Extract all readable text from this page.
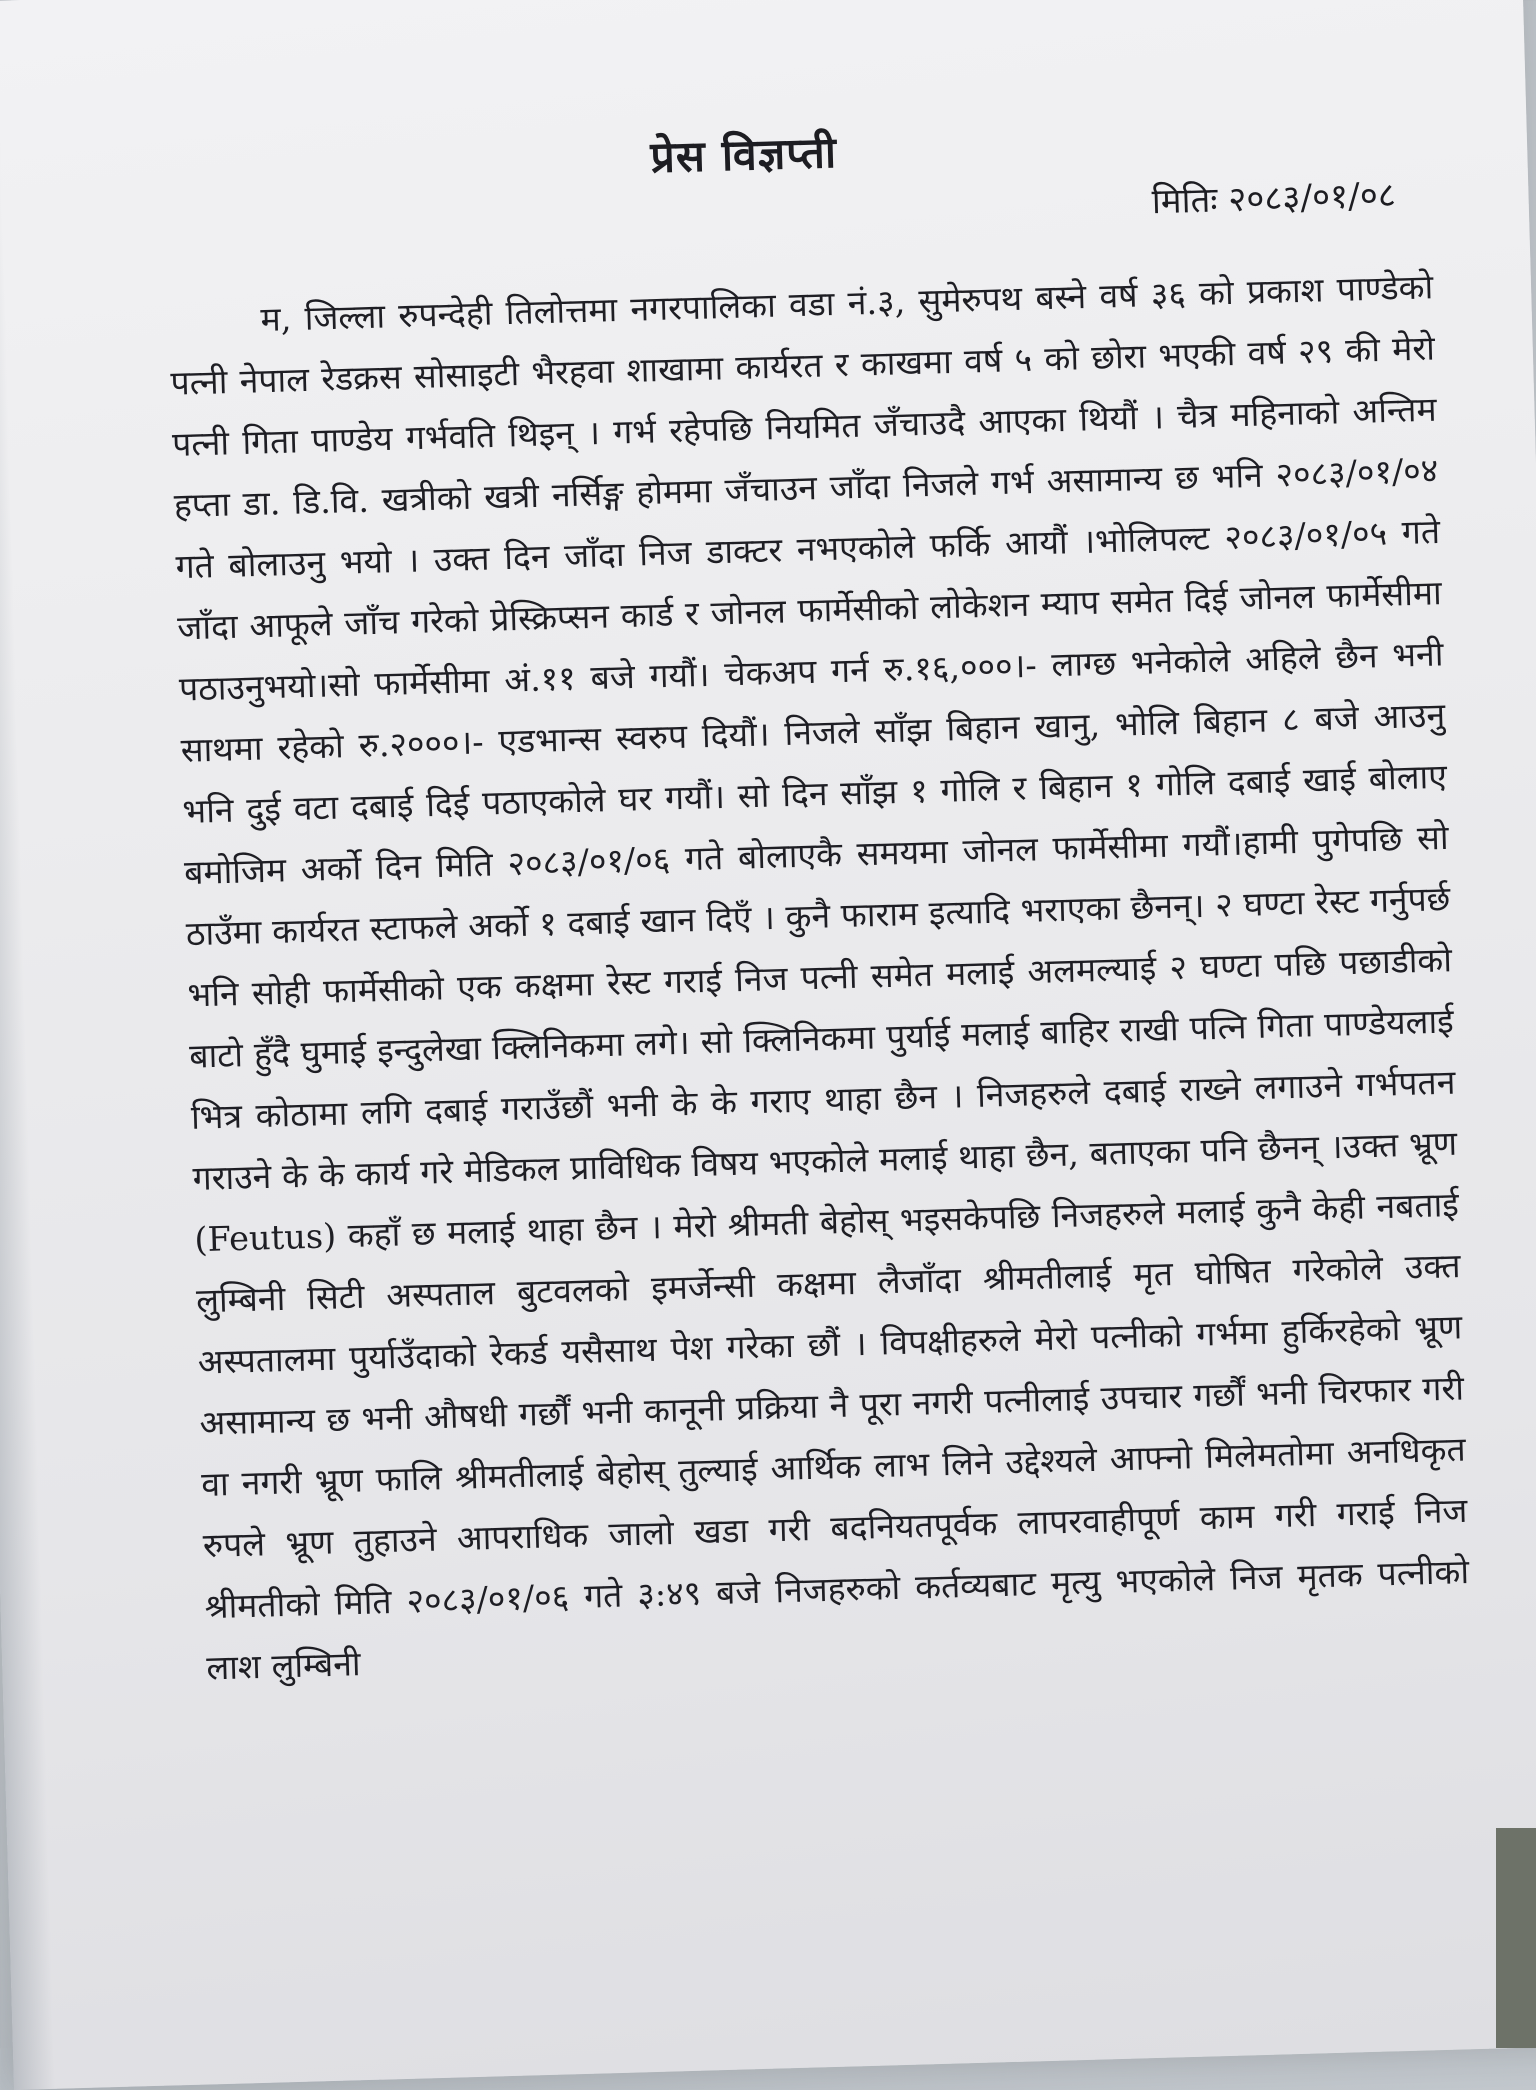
प्रेस विज्ञप्ती
मितिः २०८३/०१/०८

म, जिल्ला रुपन्देही तिलोत्तमा नगरपालिका वडा नं.३, सुमेरुपथ बस्ने वर्ष ३६ को प्रकाश पाण्डेको पत्नी नेपाल रेडक्रस सोसाइटी भैरहवा शाखामा कार्यरत र काखमा वर्ष ५ को छोरा भएकी वर्ष २९ की मेरो पत्नी गिता पाण्डेय गर्भवति थिइन् । गर्भ रहेपछि नियमित जँचाउदै आएका थियौं । चैत्र महिनाको अन्तिम हप्ता डा. डि.वि. खत्रीको खत्री नर्सिङ्ग होममा जँचाउन जाँदा निजले गर्भ असामान्य छ भनि २०८३/०१/०४ गते बोलाउनु भयो । उक्त दिन जाँदा निज डाक्टर नभएकोले फर्कि आयौं ।भोलिपल्ट २०८३/०१/०५ गते जाँदा आफूले जाँच गरेको प्रेस्क्रिप्सन कार्ड र जोनल फार्मेसीको लोकेशन म्याप समेत दिई जोनल फार्मेसीमा पठाउनुभयो।सो फार्मेसीमा अं.११ बजे गयौं। चेकअप गर्न रु.१६,०००।- लाग्छ भनेकोले अहिले छैन भनी साथमा रहेको रु.२०००।- एडभान्स स्वरुप दियौं। निजले साँझ बिहान खानु, भोलि बिहान ८ बजे आउनु भनि दुई वटा दबाई दिई पठाएकोले घर गयौं। सो दिन साँझ १ गोलि र बिहान १ गोलि दबाई खाई बोलाए बमोजिम अर्को दिन मिति २०८३/०१/०६ गते बोलाएकै समयमा जोनल फार्मेसीमा गयौं।हामी पुगेपछि सो ठाउँमा कार्यरत स्टाफले अर्को १ दबाई खान दिएँ । कुनै फाराम इत्यादि भराएका छैनन्। २ घण्टा रेस्ट गर्नुपर्छ भनि सोही फार्मेसीको एक कक्षमा रेस्ट गराई निज पत्नी समेत मलाई अलमल्याई २ घण्टा पछि पछाडीको बाटो हुँदै घुमाई इन्दुलेखा क्लिनिकमा लगे। सो क्लिनिकमा पुर्याई मलाई बाहिर राखी पत्नि गिता पाण्डेयलाई भित्र कोठामा लगि दबाई गराउँछौं भनी के के गराए थाहा छैन । निजहरुले दबाई राख्ने लगाउने गर्भपतन गराउने के के कार्य गरे मेडिकल प्राविधिक विषय भएकोले मलाई थाहा छैन, बताएका पनि छैनन् ।उक्त भ्रूण (Feutus) कहाँ छ मलाई थाहा छैन । मेरो श्रीमती बेहोस् भइसकेपछि निजहरुले मलाई कुनै केही नबताई लुम्बिनी सिटी अस्पताल बुटवलको इमर्जेन्सी कक्षमा लैजाँदा श्रीमतीलाई मृत घोषित गरेकोले उक्त अस्पतालमा पुर्याउँदाको रेकर्ड यसैसाथ पेश गरेका छौं । विपक्षीहरुले मेरो पत्नीको गर्भमा हुर्किरहेको भ्रूण असामान्य छ भनी औषधी गर्छौं भनी कानूनी प्रक्रिया नै पूरा नगरी पत्नीलाई उपचार गर्छौं भनी चिरफार गरी वा नगरी भ्रूण फालि श्रीमतीलाई बेहोस् तुल्याई आर्थिक लाभ लिने उद्देश्यले आफ्नो मिलेमतोमा अनधिकृत रुपले भ्रूण तुहाउने आपराधिक जालो खडा गरी बदनियतपूर्वक लापरवाहीपूर्ण काम गरी गराई निज श्रीमतीको मिति २०८३/०१/०६ गते ३:४९ बजे निजहरुको कर्तव्यबाट मृत्यु भएकोले निज मृतक पत्नीको लाश लुम्बिनी
